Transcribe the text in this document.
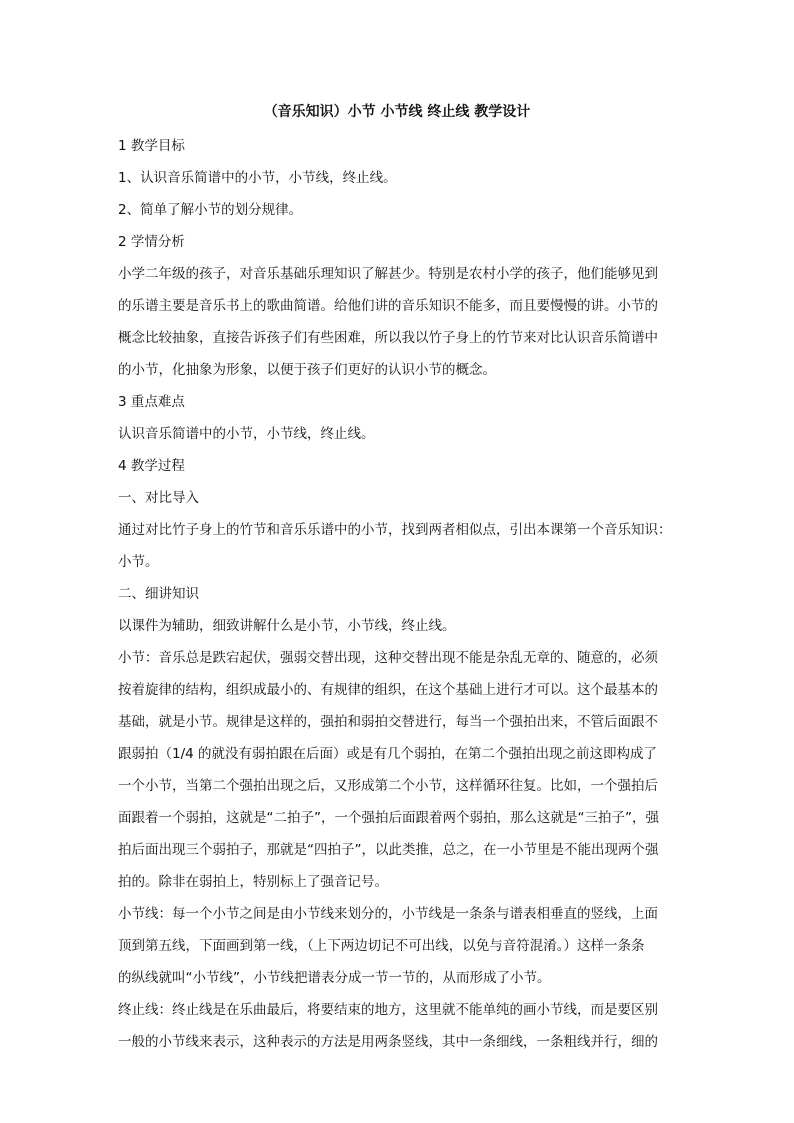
（音乐知识）小节 小节线 终止线 教学设计
1 教学目标
1、认识音乐简谱中的小节，小节线，终止线。
2、简单了解小节的划分规律。
2 学情分析
小学二年级的孩子，对音乐基础乐理知识了解甚少。特别是农村小学的孩子，他们能够见到
的乐谱主要是音乐书上的歌曲简谱。给他们讲的音乐知识不能多，而且要慢慢的讲。小节的
概念比较抽象，直接告诉孩子们有些困难，所以我以竹子身上的竹节来对比认识音乐简谱中
的小节，化抽象为形象，以便于孩子们更好的认识小节的概念。
3 重点难点
认识音乐简谱中的小节，小节线，终止线。
4 教学过程
一、对比导入
通过对比竹子身上的竹节和音乐乐谱中的小节，找到两者相似点，引出本课第一个音乐知识：
小节。
二、细讲知识
以课件为辅助，细致讲解什么是小节，小节线，终止线。
小节：音乐总是跌宕起伏，强弱交替出现，这种交替出现不能是杂乱无章的、随意的，必须
按着旋律的结构，组织成最小的、有规律的组织，在这个基础上进行才可以。这个最基本的
基础，就是小节。规律是这样的，强拍和弱拍交替进行，每当一个强拍出来，不管后面跟不
跟弱拍（1/4 的就没有弱拍跟在后面）或是有几个弱拍，在第二个强拍出现之前这即构成了
一个小节，当第二个强拍出现之后，又形成第二个小节，这样循环往复。比如，一个强拍后
面跟着一个弱拍，这就是“二拍子”，一个强拍后面跟着两个弱拍，那么这就是“三拍子”，强
拍后面出现三个弱拍子，那就是“四拍子”，以此类推，总之，在一小节里是不能出现两个强
拍的。除非在弱拍上，特别标上了强音记号。
小节线：每一个小节之间是由小节线来划分的，小节线是一条条与谱表相垂直的竖线，上面
顶到第五线，下面画到第一线，（上下两边切记不可出线，以免与音符混淆。）这样一条条
的纵线就叫“小节线”，小节线把谱表分成一节一节的，从而形成了小节。
终止线：终止线是在乐曲最后，将要结束的地方，这里就不能单纯的画小节线，而是要区别
一般的小节线来表示，这种表示的方法是用两条竖线，其中一条细线，一条粗线并行，细的
